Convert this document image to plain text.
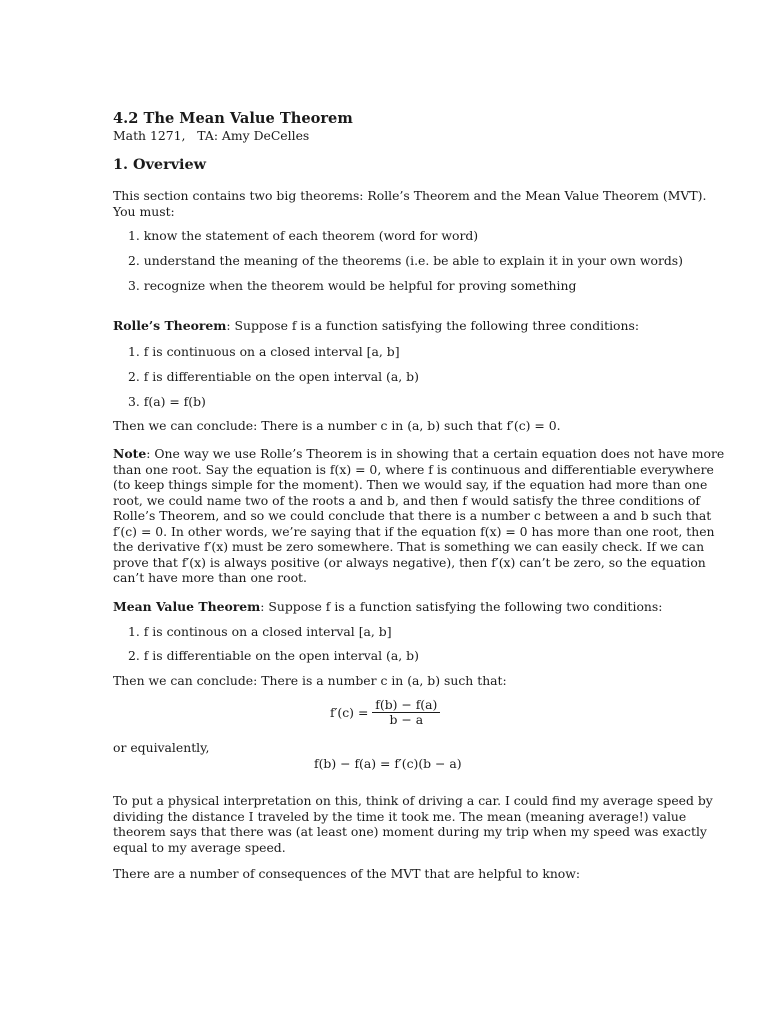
4.2 The Mean Value Theorem
Math 1271, TA: Amy DeCelles
1. Overview
This section contains two big theorems: Rolle’s Theorem and the Mean Value Theorem (MVT).
You must:
1. know the statement of each theorem (word for word)
2. understand the meaning of the theorems (i.e. be able to explain it in your own words)
3. recognize when the theorem would be helpful for proving something
Rolle’s Theorem: Suppose f is a function satisfying the following three conditions:
1. f is continuous on a closed interval [a, b]
2. f is differentiable on the open interval (a, b)
3. f(a) = f(b)
Then we can conclude: There is a number c in (a, b) such that f′(c) = 0.
Note: One way we use Rolle’s Theorem is in showing that a certain equation does not have more
than one root. Say the equation is f(x) = 0, where f is continuous and differentiable everywhere
(to keep things simple for the moment). Then we would say, if the equation had more than one
root, we could name two of the roots a and b, and then f would satisfy the three conditions of
Rolle’s Theorem, and so we could conclude that there is a number c between a and b such that
f′(c) = 0. In other words, we’re saying that if the equation f(x) = 0 has more than one root, then
the derivative f′(x) must be zero somewhere. That is something we can easily check. If we can
prove that f′(x) is always positive (or always negative), then f′(x) can’t be zero, so the equation
can’t have more than one root.
Mean Value Theorem: Suppose f is a function satisfying the following two conditions:
1. f is continous on a closed interval [a, b]
2. f is differentiable on the open interval (a, b)
Then we can conclude: There is a number c in (a, b) such that:
$f'(c) = \frac{f(b) - f(a)}{b - a}$
or equivalently,
f(b) − f(a) = f′(c)(b − a)
To put a physical interpretation on this, think of driving a car. I could find my average speed by
dividing the distance I traveled by the time it took me. The mean (meaning average!) value
theorem says that there was (at least one) moment during my trip when my speed was exactly
equal to my average speed.
There are a number of consequences of the MVT that are helpful to know:
